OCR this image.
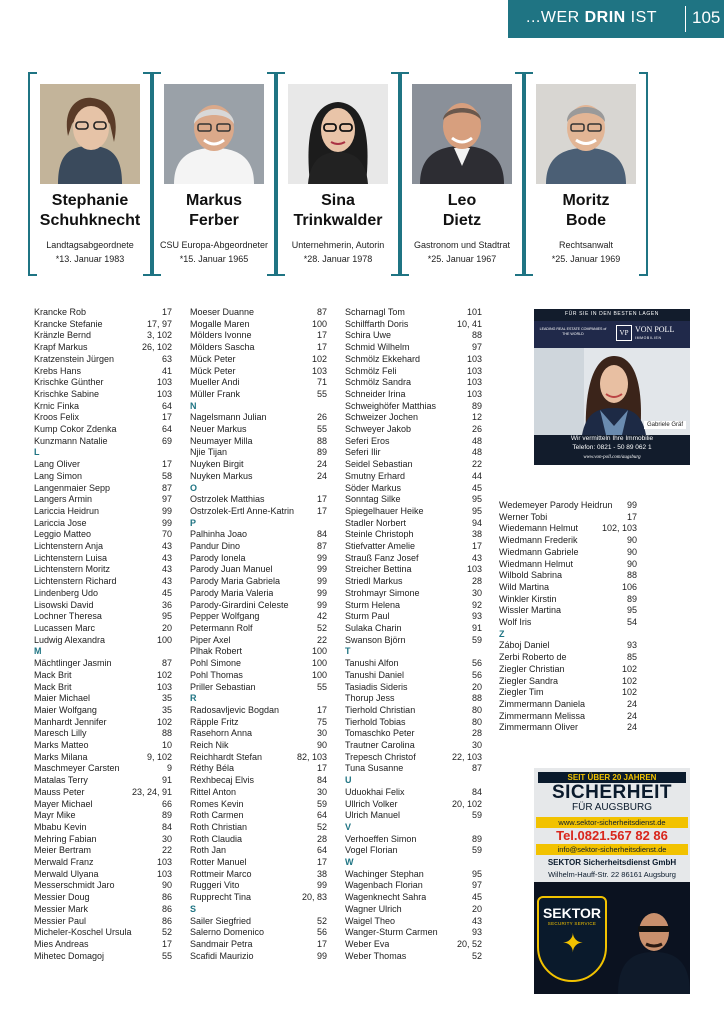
...WER DRIN IST 105
Stephanie
Schuhknecht
Landtagsabgeordnete
*13. Januar 1983
Markus
Ferber
CSU Europa-Abgeordneter
*15. Januar 1965
Sina
Trinkwalder
Unternehmerin, Autorin
*28. Januar 1978
Leo
Dietz
Gastronom und Stadtrat
*25. Januar 1967
Moritz
Bode
Rechtsanwalt
*25. Januar 1969
Krancke Rob	17
Krancke Stefanie	17, 97
Kränzle Bernd	3, 102
Krapf Markus	26, 102
Kratzenstein Jürgen	63
Krebs Hans	41
Krischke Günther	103
Krischke Sabine	103
Krnic Finka	64
Kroos Felix	17
Kump Cokor Zdenka	64
Kunzmann Natalie	69
L
Lang Oliver	17
Lang Simon	58
Langenmaier Sepp	87
Langers Armin	97
Lariccia Heidrun	99
Lariccia Jose	99
Leggio Matteo	70
Lichtenstern Anja	43
Lichtenstern Luisa	43
Lichtenstern Moritz	43
Lichtenstern Richard	43
Lindenberg Udo	45
Lisowski David	36
Lochner Theresa	95
Lucassen Marc	20
Ludwig Alexandra	100
M
Mächtlinger Jasmin	87
Mack Brit	102
Mack Brit	103
Maier Michael	35
Maier Wolfgang	35
Manhardt Jennifer	102
Maresch Lilly	88
Marks Matteo	10
Marks Milana	9, 102
Maschmeyer Carsten	9
Matalas Terry	91
Mauss Peter	23, 24, 91
Mayer Michael	66
Mayr Mike	89
Mbabu Kevin	84
Mehring Fabian	30
Meier Bertram	22
Merwald Franz	103
Merwald Ulyana	103
Messerschmidt Jaro	90
Messier Doug	86
Messier Mark	86
Messier Paul	86
Micheler-Koschel Ursula	52
Mies Andreas	17
Mihetec Domagoj	55
Moeser Duanne	87
Mogalle Maren	100
Mölders Ivonne	17
Mölders Sascha	17
Mück Peter	102
Mück Peter	103
Mueller Andi	71
Müller Frank	55
N
Nagelsmann Julian	26
Neuer Markus	55
Neumayer Milla	88
Njie Tijan	89
Nuyken Birgit	24
Nuyken Markus	24
O
Ostrzolek Matthias	17
Ostrzolek-Ertl Anne-Katrin	17
P
Palhinha Joao	84
Pandur Dino	87
Parody Ionela	99
Parody Juan Manuel	99
Parody Maria Gabriela	99
Parody Maria Valeria	99
Parody-Girardini Celeste	99
Pepper Wolfgang	42
Petermann Rolf	52
Piper Axel	22
Plhak Robert	100
Pohl Simone	100
Pohl Thomas	100
Priller Sebastian	55
R
Radosavljevic Bogdan	17
Räpple Fritz	75
Rasehorn Anna	30
Reich Nik	90
Reichhardt Stefan	82, 103
Réthy Béla	17
Rexhbecaj Elvis	84
Rittel Anton	30
Romes Kevin	59
Roth Carmen	64
Roth Christian	52
Roth Claudia	28
Roth Jan	64
Rotter Manuel	17
Rottmeir Marco	38
Ruggeri Vito	99
Rupprecht Tina	20, 83
S
Sailer Siegfried	52
Salerno Domenico	56
Sandmair Petra	17
Scafidi Maurizio	99
Scharnagl Tom	101
Schilffarth Doris	10, 41
Schira Uwe	88
Schmid Wilhelm	97
Schmölz Ekkehard	103
Schmölz Feli	103
Schmölz Sandra	103
Schneider Irina	103
Schweighöfer Matthias	89
Schweizer Jochen	12
Schweyer Jakob	26
Seferi Eros	48
Seferi Ilir	48
Seidel Sebastian	22
Smutny Erhard	44
Söder Markus	45
Sonntag Silke	95
Spiegelhauer Heike	95
Stadler Norbert	94
Steinle Christoph	38
Stiefvatter Amelie	17
Strauß Fanz Josef	43
Streicher Bettina	103
Striedl Markus	28
Strohmayr Simone	30
Sturm Helena	92
Sturm Paul	93
Sulaka Charin	91
Swanson Björn	59
T
Tanushi Alfon	56
Tanushi Daniel	56
Tasiadis Sideris	20
Thorup Jess	88
Tierhold Christian	80
Tierhold Tobias	80
Tomaschko Peter	28
Trautner Carolina	30
Trepesch Christof	22, 103
Tuna Susanne	87
U
Uduokhai Felix	84
Ullrich Volker	20, 102
Ulrich Manuel	59
V
Verhoeffen Simon	89
Vogel Florian	59
W
Wachinger Stephan	95
Wagenbach Florian	97
Wagenknecht Sahra	45
Wagner Ulrich	20
Waigel Theo	43
Wanger-Sturm Carmen	93
Weber Eva	20, 52
Weber Thomas	52
Wedemeyer Parody Heidrun	99
Werner Tobi	17
Wiedemann Helmut	102, 103
Wiedmann Frederik	90
Wiedmann Gabriele	90
Wiedmann Helmut	90
Wilbold Sabrina	88
Wild Martina	106
Winkler Kirstin	89
Wissler Martina	95
Wolf Iris	54
Z
Záboj Daniel	93
Zerbi Roberto de	85
Ziegler Christian	102
Ziegler Sandra	102
Ziegler Tim	102
Zimmermann Daniela	24
Zimmermann Melissa	24
Zimmermann Oliver	24
FÜR SIE IN DEN BESTEN LAGEN
LEADING REAL ESTATE COMPANIES of THE WORLD	VP VON POLL
IMMOBILIEN
Gabriele Gräf
Wir vermitteln Ihre Immobilie
Telefon: 0821 - 50 89 062 1
www.von-poll.com/augsburg
SEIT ÜBER 20 JAHREN
SICHERHEIT
FÜR AUGSBURG
www.sektor-sicherheitsdienst.de
Tel.0821.567 82 86
info@sektor-sicherheitsdienst.de
SEKTOR Sicherheitsdienst GmbH
Wilhelm-Hauff-Str. 22 86161 Augsburg
SEKTOR
SECURITY SERVICE
✦
